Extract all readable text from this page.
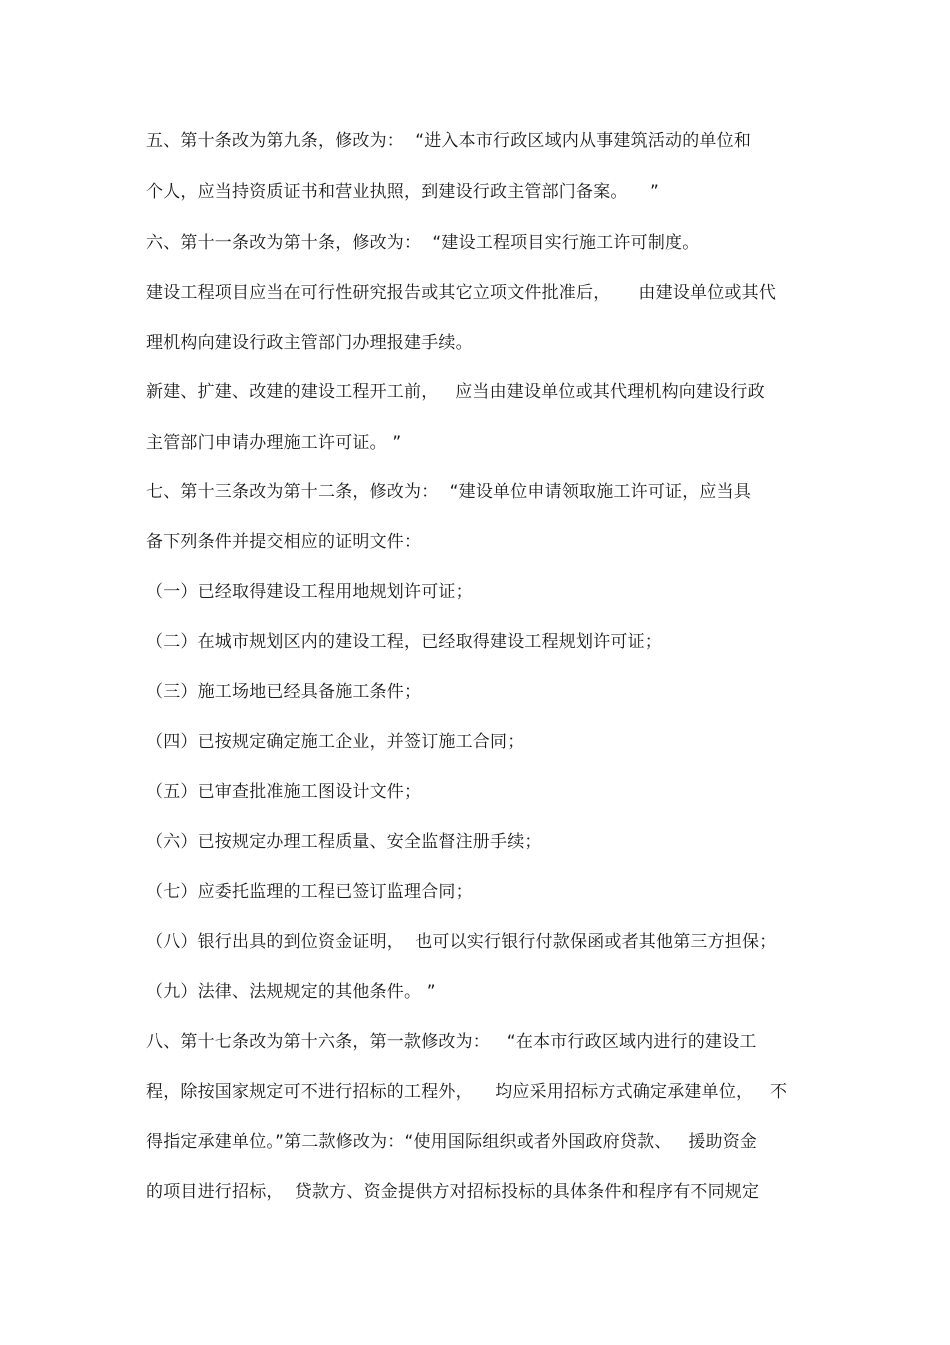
五、第十条改为第九条，修改为：  “进入本市行政区域内从事建筑活动的单位和
个人，应当持资质证书和营业执照，到建设行政主管部门备案。    ”
六、第十一条改为第十条，修改为：  “建设工程项目实行施工许可制度。
建设工程项目应当在可行性研究报告或其它立项文件批准后，     由建设单位或其代
理机构向建设行政主管部门办理报建手续。
新建、扩建、改建的建设工程开工前，   应当由建设单位或其代理机构向建设行政
主管部门申请办理施工许可证。 ”
七、第十三条改为第十二条，修改为：  “建设单位申请领取施工许可证，应当具
备下列条件并提交相应的证明文件：
（一）已经取得建设工程用地规划许可证；
（二）在城市规划区内的建设工程，已经取得建设工程规划许可证；
（三）施工场地已经具备施工条件；
（四）已按规定确定施工企业，并签订施工合同；
（五）已审查批准施工图设计文件；
（六）已按规定办理工程质量、安全监督注册手续；
（七）应委托监理的工程已签订监理合同；
（八）银行出具的到位资金证明，  也可以实行银行付款保函或者其他第三方担保；
（九）法律、法规规定的其他条件。 ”
八、第十七条改为第十六条，第一款修改为：   “在本市行政区域内进行的建设工
程，除按国家规定可不进行招标的工程外，    均应采用招标方式确定承建单位，   不
得指定承建单位。”第二款修改为：“使用国际组织或者外国政府贷款、   援助资金
的项目进行招标，  贷款方、资金提供方对招标投标的具体条件和程序有不同规定
